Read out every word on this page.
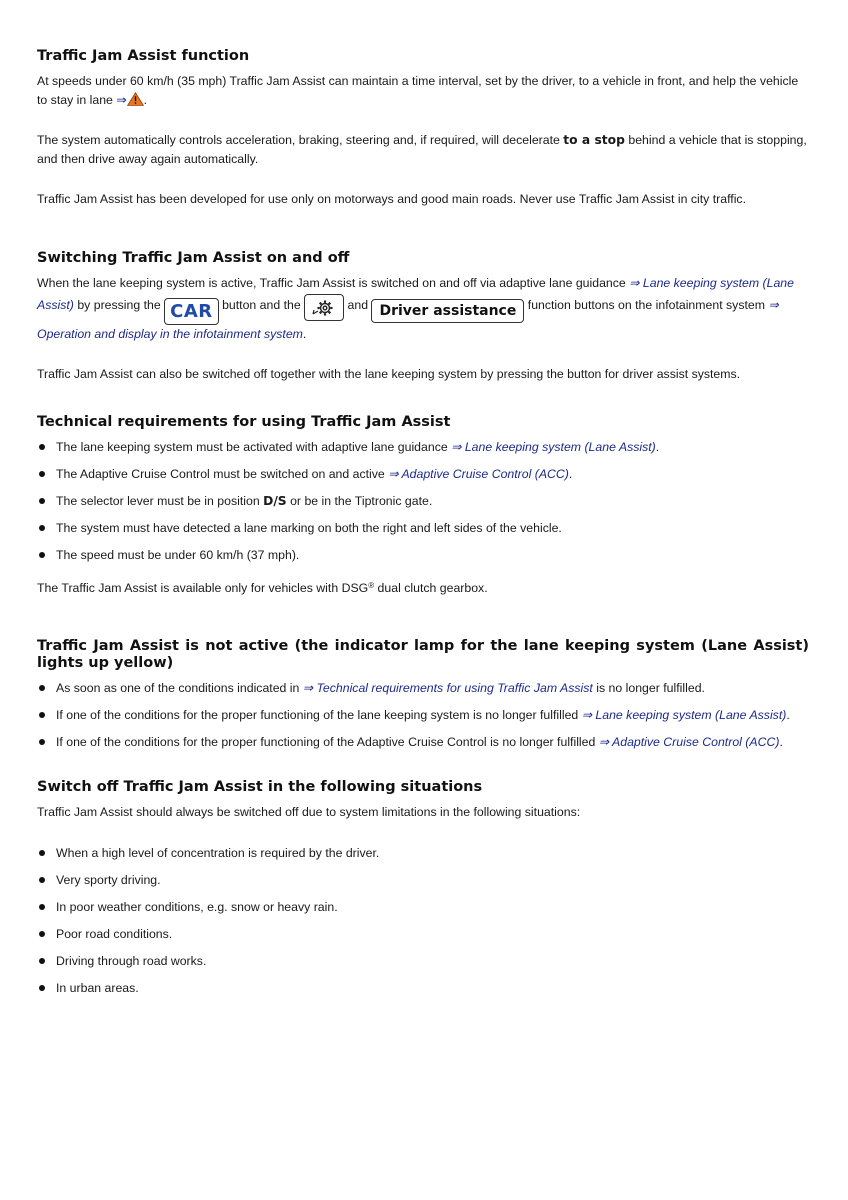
Traffic Jam Assist function

At speeds under 60 km/h (35 mph) Traffic Jam Assist can maintain a time interval, set by the driver, to a vehicle in front, and help the vehicle to stay in lane ⇒ .

The system automatically controls acceleration, braking, steering and, if required, will decelerate to a stop behind a vehicle that is stopping, and then drive away again automatically.

Traffic Jam Assist has been developed for use only on motorways and good main roads. Never use Traffic Jam Assist in city traffic.

Switching Traffic Jam Assist on and off

When the lane keeping system is active, Traffic Jam Assist is switched on and off via adaptive lane guidance ⇒ Lane keeping system (Lane Assist) by pressing the CAR button and the	and Driver assistance function buttons on the infotainment system ⇒ Operation and display in the infotainment system.

Traffic Jam Assist can also be switched off together with the lane keeping system by pressing the button for driver assist systems.

Technical requirements for using Traffic Jam Assist
The lane keeping system must be activated with adaptive lane guidance ⇒ Lane keeping system (Lane Assist).
The Adaptive Cruise Control must be switched on and active ⇒ Adaptive Cruise Control (ACC).
The selector lever must be in position D/S or be in the Tiptronic gate.
The system must have detected a lane marking on both the right and left sides of the vehicle.
The speed must be under 60 km/h (37 mph).

The Traffic Jam Assist is available only for vehicles with DSG® dual clutch gearbox.

Traffic Jam Assist is not active (the indicator lamp for the lane keeping system (Lane Assist) lights up yellow)
As soon as one of the conditions indicated in ⇒ Technical requirements for using Traffic Jam Assist is no longer fulfilled.
If one of the conditions for the proper functioning of the lane keeping system is no longer fulfilled ⇒ Lane keeping system (Lane Assist).
If one of the conditions for the proper functioning of the Adaptive Cruise Control is no longer fulfilled ⇒ Adaptive Cruise Control (ACC).
Switch off Traffic Jam Assist in the following situations

Traffic Jam Assist should always be switched off due to system limitations in the following situations:

When a high level of concentration is required by the driver.
Very sporty driving.
In poor weather conditions, e.g. snow or heavy rain.
Poor road conditions.
Driving through road works.
In urban areas.
